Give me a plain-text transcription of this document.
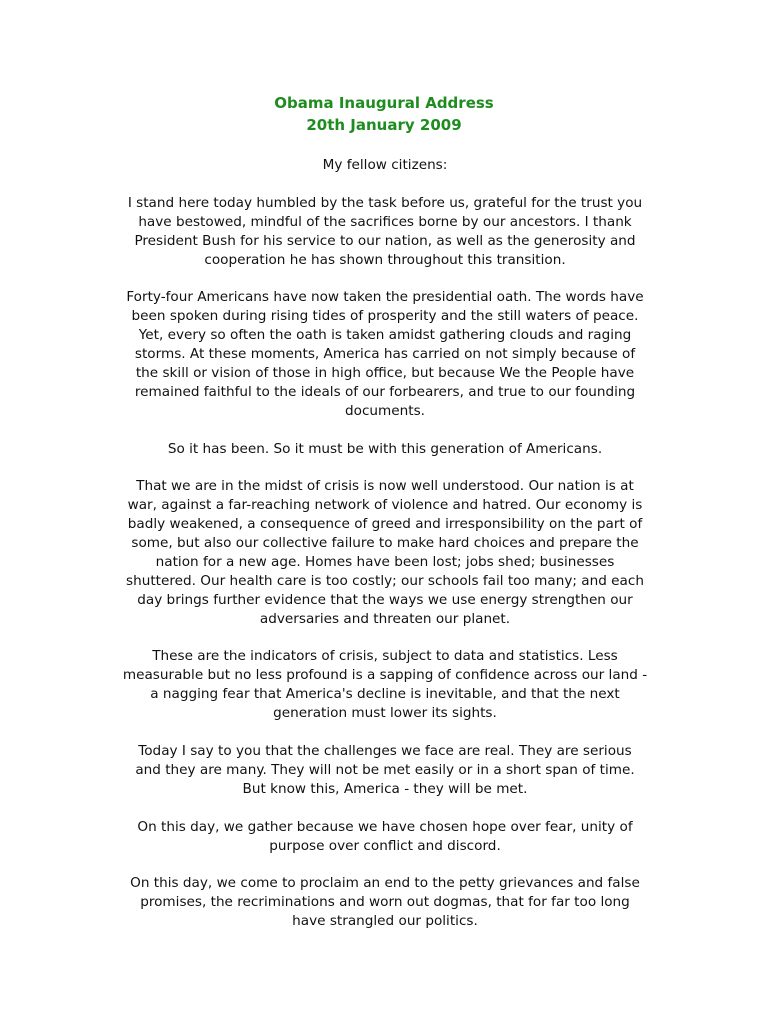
Obama Inaugural Address
20th January 2009

My fellow citizens:

I stand here today humbled by the task before us, grateful for the trust you
have bestowed, mindful of the sacrifices borne by our ancestors. I thank
President Bush for his service to our nation, as well as the generosity and
cooperation he has shown throughout this transition.

Forty-four Americans have now taken the presidential oath. The words have
been spoken during rising tides of prosperity and the still waters of peace.
Yet, every so often the oath is taken amidst gathering clouds and raging
storms. At these moments, America has carried on not simply because of
the skill or vision of those in high office, but because We the People have
remained faithful to the ideals of our forbearers, and true to our founding
documents.

So it has been. So it must be with this generation of Americans.

That we are in the midst of crisis is now well understood. Our nation is at
war, against a far-reaching network of violence and hatred. Our economy is
badly weakened, a consequence of greed and irresponsibility on the part of
some, but also our collective failure to make hard choices and prepare the
nation for a new age. Homes have been lost; jobs shed; businesses
shuttered. Our health care is too costly; our schools fail too many; and each
day brings further evidence that the ways we use energy strengthen our
adversaries and threaten our planet.

These are the indicators of crisis, subject to data and statistics. Less
measurable but no less profound is a sapping of confidence across our land -
a nagging fear that America's decline is inevitable, and that the next
generation must lower its sights.

Today I say to you that the challenges we face are real. They are serious
and they are many. They will not be met easily or in a short span of time.
But know this, America - they will be met.

On this day, we gather because we have chosen hope over fear, unity of
purpose over conflict and discord.

On this day, we come to proclaim an end to the petty grievances and false
promises, the recriminations and worn out dogmas, that for far too long
have strangled our politics.
